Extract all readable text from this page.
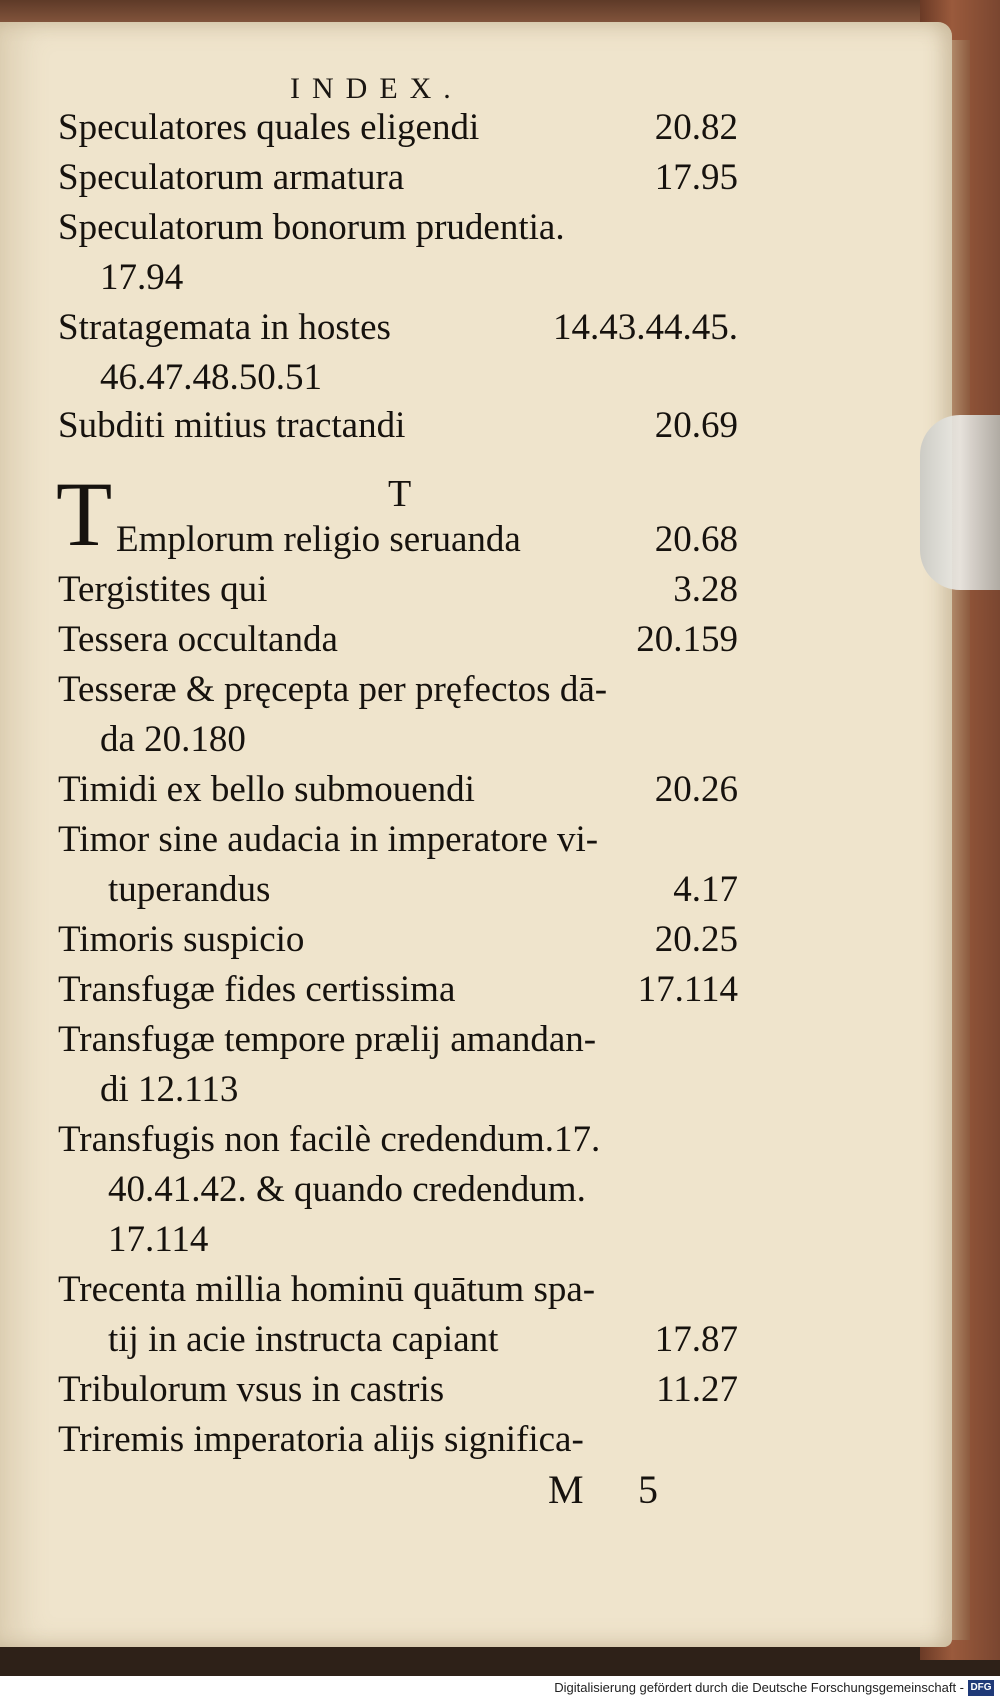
INDEX.
Speculatores quales eligendi	20.82
Speculatorum armatura	17.95
Speculatorum bonorum prudentia.
17.94
Stratagemata in hostes	14.43.44.45.
46.47.48.50.51
Subditi mitius tractandi	20.69
T
T Emplorum religio seruanda	20.68
Tergistites qui	3.28
Tessera occultanda	20.159
Tesseræ & pręcepta per pręfectos dā-
da 20.180
Timidi ex bello submouendi	20.26
Timor sine audacia in imperatore vi-
tuperandus	4.17
Timoris suspicio	20.25
Transfugæ fides certissima	17.114
Transfugæ tempore prælij amandan-
di 12.113
Transfugis non facilè credendum.17.
40.41.42. & quando credendum.
17.114
Trecenta millia hominū quātum spa-
tij in acie instructa capiant	17.87
Tribulorum vsus in castris	11.27
Triremis imperatoria alijs significa-
M 5
Digitalisierung gefördert durch die Deutsche Forschungsgemeinschaft - DFG
